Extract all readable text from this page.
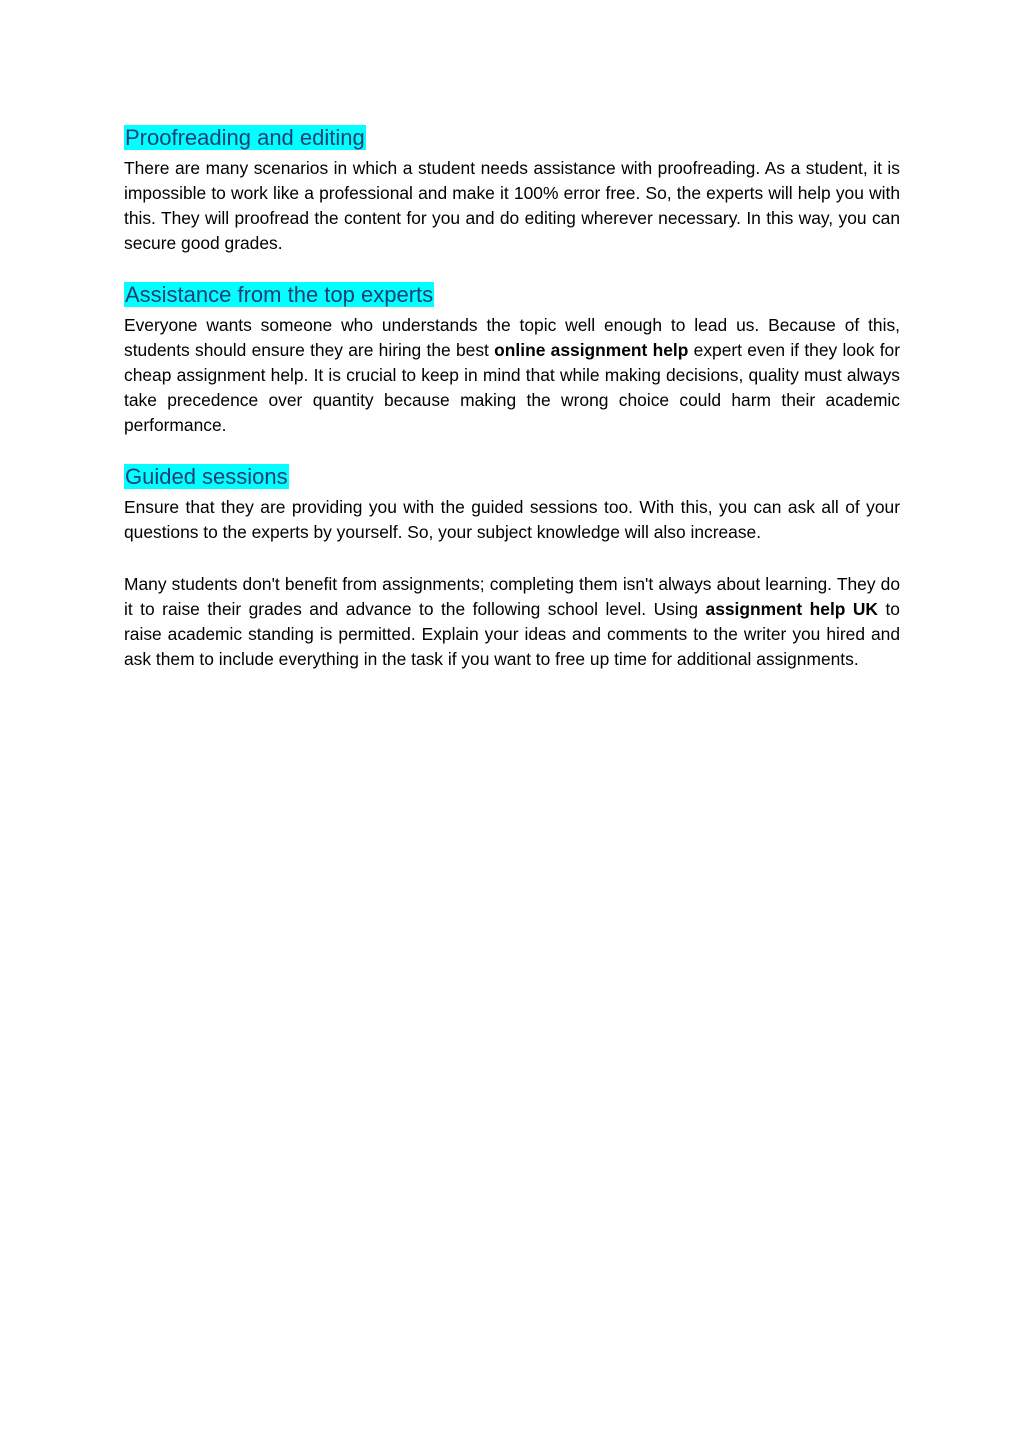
Proofreading and editing

There are many scenarios in which a student needs assistance with proofreading. As a student, it is impossible to work like a professional and make it 100% error free. So, the experts will help you with this. They will proofread the content for you and do editing wherever necessary. In this way, you can secure good grades.

Assistance from the top experts

Everyone wants someone who understands the topic well enough to lead us. Because of this, students should ensure they are hiring the best online assignment help expert even if they look for cheap assignment help. It is crucial to keep in mind that while making decisions, quality must always take precedence over quantity because making the wrong choice could harm their academic performance.

Guided sessions

Ensure that they are providing you with the guided sessions too. With this, you can ask all of your questions to the experts by yourself. So, your subject knowledge will also increase.

Many students don't benefit from assignments; completing them isn't always about learning. They do it to raise their grades and advance to the following school level. Using assignment help UK to raise academic standing is permitted. Explain your ideas and comments to the writer you hired and ask them to include everything in the task if you want to free up time for additional assignments.
